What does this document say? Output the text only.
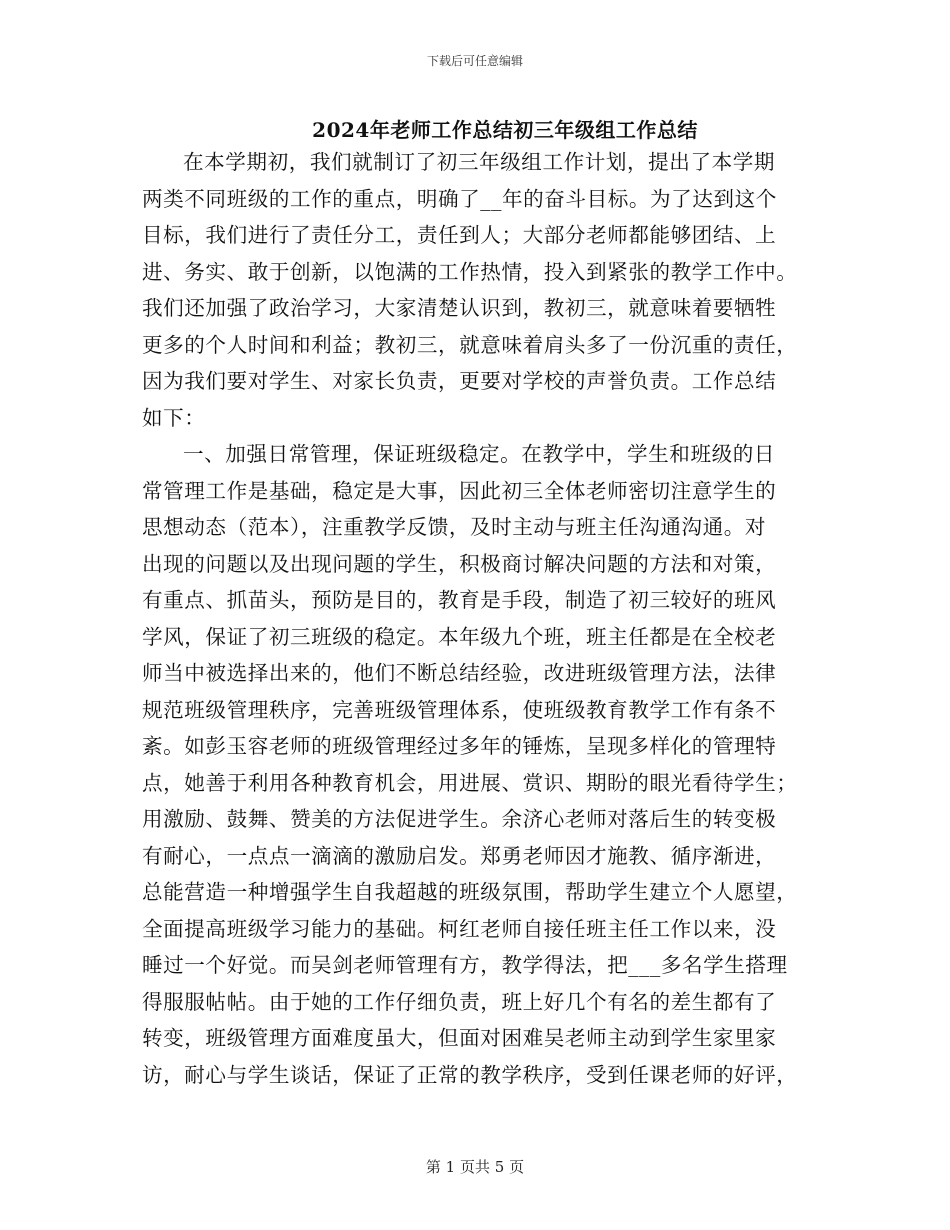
下载后可任意编辑
2024年老师工作总结初三年级组工作总结
在本学期初，我们就制订了初三年级组工作计划，提出了本学期
两类不同班级的工作的重点，明确了__年的奋斗目标。为了达到这个
目标，我们进行了责任分工，责任到人；大部分老师都能够团结、上
进、务实、敢于创新，以饱满的工作热情，投入到紧张的教学工作中。
我们还加强了政治学习，大家清楚认识到，教初三，就意味着要牺牲
更多的个人时间和利益；教初三，就意味着肩头多了一份沉重的责任，
因为我们要对学生、对家长负责，更要对学校的声誉负责。工作总结
如下：
一、加强日常管理，保证班级稳定。在教学中，学生和班级的日
常管理工作是基础，稳定是大事，因此初三全体老师密切注意学生的
思想动态（范本），注重教学反馈，及时主动与班主任沟通沟通。对
出现的问题以及出现问题的学生，积极商讨解决问题的方法和对策，
有重点、抓苗头，预防是目的，教育是手段，制造了初三较好的班风
学风，保证了初三班级的稳定。本年级九个班，班主任都是在全校老
师当中被选择出来的，他们不断总结经验，改进班级管理方法，法律
规范班级管理秩序，完善班级管理体系，使班级教育教学工作有条不
紊。如彭玉容老师的班级管理经过多年的锤炼，呈现多样化的管理特
点，她善于利用各种教育机会，用进展、赏识、期盼的眼光看待学生；
用激励、鼓舞、赞美的方法促进学生。余济心老师对落后生的转变极
有耐心，一点点一滴滴的激励启发。郑勇老师因才施教、循序渐进，
总能营造一种增强学生自我超越的班级氛围，帮助学生建立个人愿望，
全面提高班级学习能力的基础。柯红老师自接任班主任工作以来，没
睡过一个好觉。而吴剑老师管理有方，教学得法，把___多名学生搭理
得服服帖帖。由于她的工作仔细负责，班上好几个有名的差生都有了
转变，班级管理方面难度虽大，但面对困难吴老师主动到学生家里家
访，耐心与学生谈话，保证了正常的教学秩序，受到任课老师的好评，
第 1 页共 5 页
